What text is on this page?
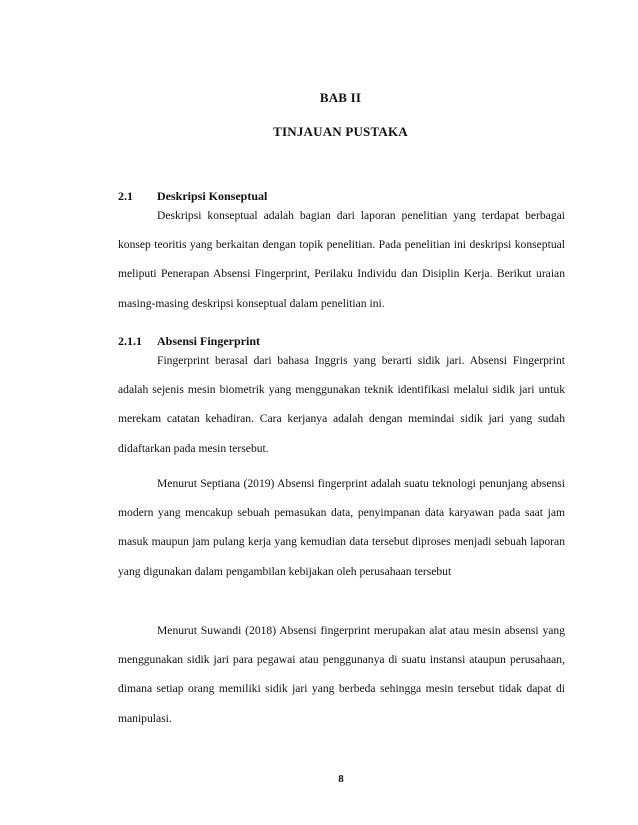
BAB II
TINJAUAN PUSTAKA
2.1 Deskripsi Konseptual

Deskripsi konseptual adalah bagian dari laporan penelitian yang terdapat berbagai konsep teoritis yang berkaitan dengan topik penelitian. Pada penelitian ini deskripsi konseptual meliputi Penerapan Absensi Fingerprint, Perilaku Individu dan Disiplin Kerja. Berikut uraian masing-masing deskripsi konseptual dalam penelitian ini.

2.1.1 Absensi Fingerprint

Fingerprint berasal dari bahasa Inggris yang berarti sidik jari. Absensi Fingerprint adalah sejenis mesin biometrik yang menggunakan teknik identifikasi melalui sidik jari untuk merekam catatan kehadiran. Cara kerjanya adalah dengan memindai sidik jari yang sudah didaftarkan pada mesin tersebut.

Menurut Septiana (2019) Absensi fingerprint adalah suatu teknologi penunjang absensi modern yang mencakup sebuah pemasukan data, penyimpanan data karyawan pada saat jam masuk maupun jam pulang kerja yang kemudian data tersebut diproses menjadi sebuah laporan yang digunakan dalam pengambilan kebijakan oleh perusahaan tersebut

Menurut Suwandi (2018) Absensi fingerprint merupakan alat atau mesin absensi yang menggunakan sidik jari para pegawai atau penggunanya di suatu instansi ataupun perusahaan, dimana setiap orang memiliki sidik jari yang berbeda sehingga mesin tersebut tidak dapat di manipulasi.

8
